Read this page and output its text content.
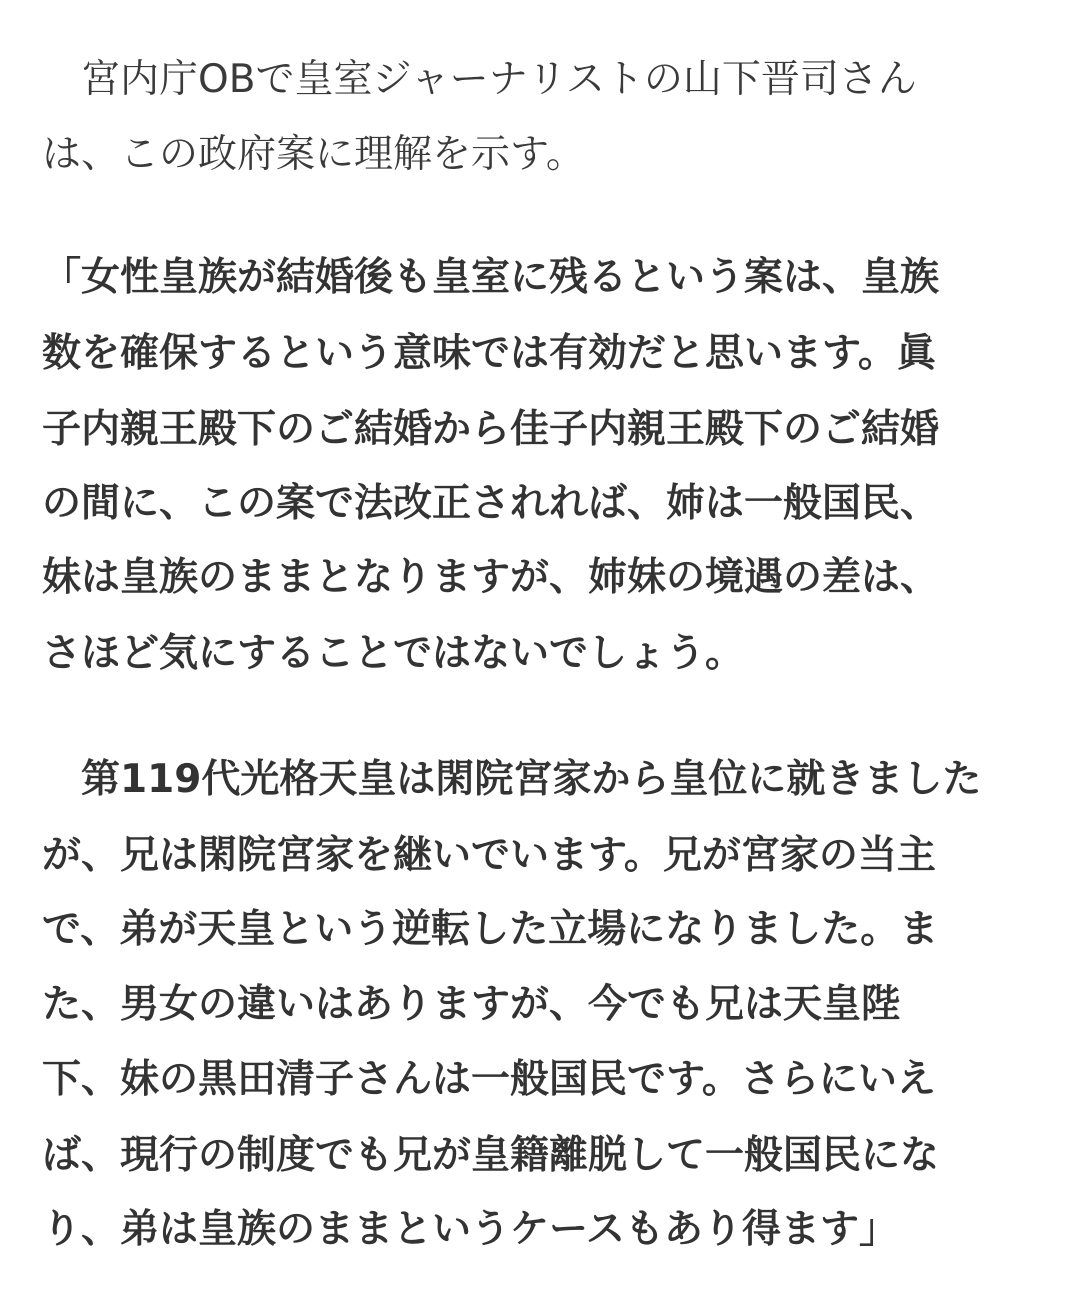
　宮内庁OBで皇室ジャーナリストの山下晋司さん
は、この政府案に理解を示す。
「女性皇族が結婚後も皇室に残るという案は、皇族
数を確保するという意味では有効だと思います。眞
子内親王殿下のご結婚から佳子内親王殿下のご結婚
の間に、この案で法改正されれば、姉は一般国民、
妹は皇族のままとなりますが、姉妹の境遇の差は、
さほど気にすることではないでしょう。
　第119代光格天皇は閑院宮家から皇位に就きました
が、兄は閑院宮家を継いでいます。兄が宮家の当主
で、弟が天皇という逆転した立場になりました。ま
た、男女の違いはありますが、今でも兄は天皇陛
下、妹の黒田清子さんは一般国民です。さらにいえ
ば、現行の制度でも兄が皇籍離脱して一般国民にな
り、弟は皇族のままというケースもあり得ます」
